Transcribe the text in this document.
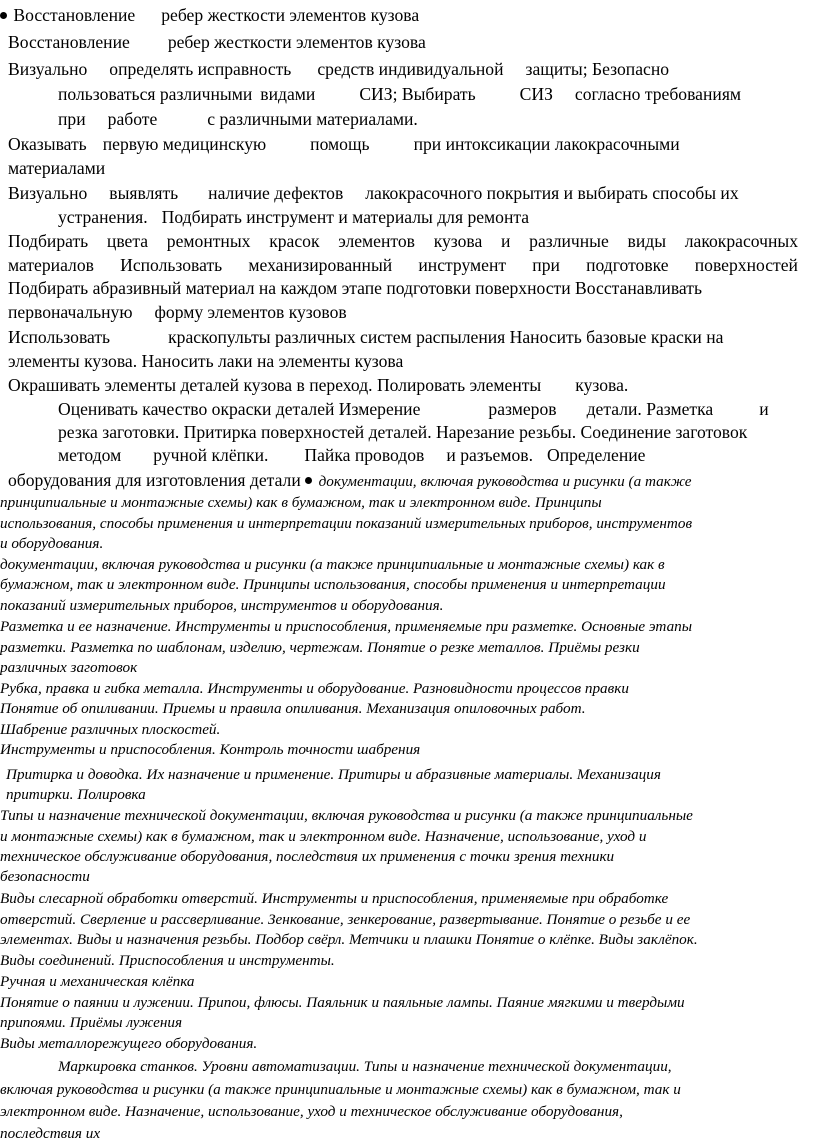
Восстановление ребер жесткости элементов кузова
Восстановление ребер жесткости элементов кузова
Визуально определять исправность средств индивидуальной защиты; Безопасно
пользоваться различными видами	СИЗ; Выбирать	СИЗ согласно требованиям
при работе	с различными материалами.
Оказывать первую медицинскую	помощь	при интоксикации лакокрасочными
материалами
Визуально выявлять наличие дефектов лакокрасочного покрытия и выбирать способы их
устранения. Подбирать инструмент и материалы для ремонта
Подбирать цвета ремонтных красок элементов кузова и различные виды лакокрасочных
материалов Использовать механизированный инструмент при подготовке поверхностей
Подбирать абразивный материал на каждом этапе подготовки поверхности Восстанавливать
первоначальную форму элементов кузовов
Использовать	краскопульты различных систем распыления Наносить базовые краски на
элементы кузова. Наносить лаки на элементы кузова
Окрашивать элементы деталей кузова в переход. Полировать элементы кузова.
Оценивать качество окраски деталей Измерение	размеров детали. Разметка	и
резка заготовки. Притирка поверхностей деталей. Нарезание резьбы. Соединение заготовок
методом ручной клёпки. Пайка проводов и разъемов. Определение
оборудования для изготовления детали документации, включая руководства и рисунки (а также
принципиальные и монтажные схемы) как в бумажном, так и электронном виде. Принципы
использования, способы применения и интерпретации показаний измерительных приборов, инструментов
и оборудования.
документации, включая руководства и рисунки (а также принципиальные и монтажные схемы) как в
бумажном, так и электронном виде. Принципы использования, способы применения и интерпретации
показаний измерительных приборов, инструментов и оборудования.
Разметка и ее назначение. Инструменты и приспособления, применяемые при разметке. Основные этапы
разметки. Разметка по шаблонам, изделию, чертежам. Понятие о резке металлов. Приёмы резки
различных заготовок
Рубка, правка и гибка металла. Инструменты и оборудование. Разновидности процессов правки
Понятие об опиливании. Приемы и правила опиливания. Механизация опиловочных работ.
Шабрение различных плоскостей.
Инструменты и приспособления. Контроль точности шабрения
Притирка и доводка. Их назначение и применение. Притиры и абразивные материалы. Механизация
притирки. Полировка
Типы и назначение технической документации, включая руководства и рисунки (а также принципиальные
и монтажные схемы) как в бумажном, так и электронном виде. Назначение, использование, уход и
техническое обслуживание оборудования, последствия их применения с точки зрения техники
безопасности
Виды слесарной обработки отверстий. Инструменты и приспособления, применяемые при обработке
отверстий. Сверление и рассверливание. Зенкование, зенкерование, развертывание. Понятие о резьбе и ее
элементах. Виды и назначения резьбы. Подбор свёрл. Метчики и плашки Понятие о клёпке. Виды заклёпок.
Виды соединений. Приспособления и инструменты.
Ручная и механическая клёпка
Понятие о паянии и лужении. Припои, флюсы. Паяльник и паяльные лампы. Паяние мягкими и твердыми
припоями. Приёмы лужения
Виды металлорежущего оборудования.
Маркировка станков. Уровни автоматизации. Типы и назначение технической документации,
включая руководства и рисунки (а также принципиальные и монтажные схемы) как в бумажном, так и
электронном виде. Назначение, использование, уход и техническое обслуживание оборудования,
последствия их
